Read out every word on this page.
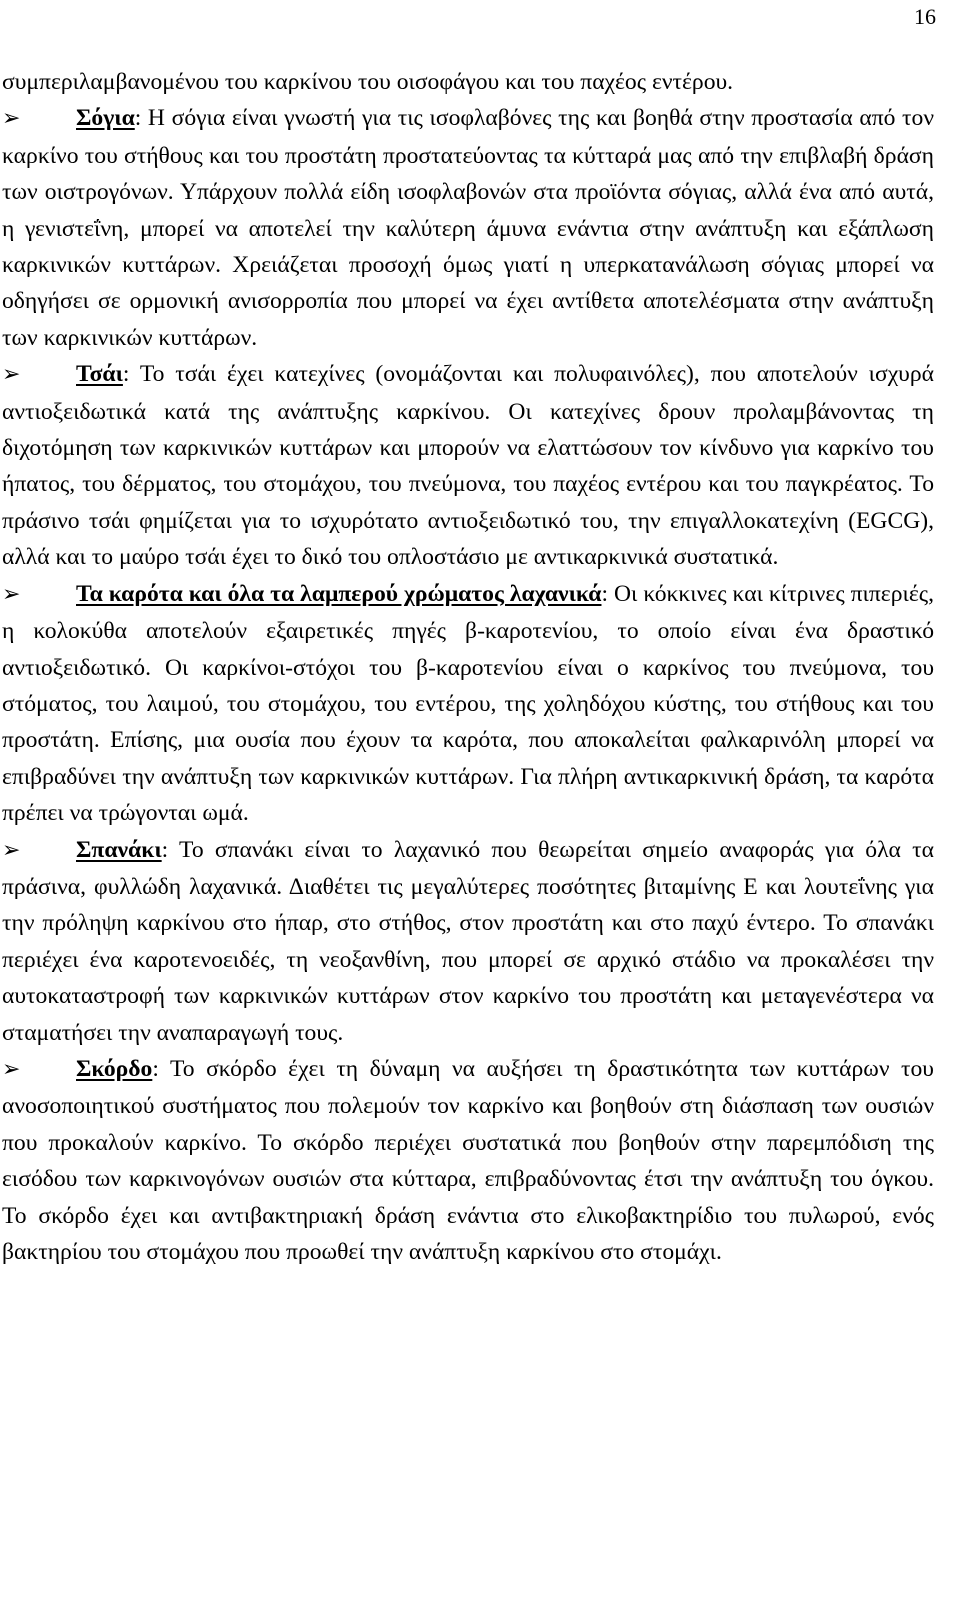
16

συμπεριλαμβανομένου του καρκίνου του οισοφάγου και του παχέος εντέρου.

➢ Σόγια: Η σόγια είναι γνωστή για τις ισοφλαβόνες της και βοηθά στην προστασία από τον καρκίνο του στήθους και του προστάτη προστατεύοντας τα κύτταρά μας από την επιβλαβή δράση των οιστρογόνων. Υπάρχουν πολλά είδη ισοφλαβονών στα προϊόντα σόγιας, αλλά ένα από αυτά, η γενιστεΐνη, μπορεί να αποτελεί την καλύτερη άμυνα ενάντια στην ανάπτυξη και εξάπλωση καρκινικών κυττάρων. Χρειάζεται προσοχή όμως γιατί η υπερκατανάλωση σόγιας μπορεί να οδηγήσει σε ορμονική ανισορροπία που μπορεί να έχει αντίθετα αποτελέσματα στην ανάπτυξη των καρκινικών κυττάρων.

➢ Τσάι: Το τσάι έχει κατεχίνες (ονομάζονται και πολυφαινόλες), που αποτελούν ισχυρά αντιοξειδωτικά κατά της ανάπτυξης καρκίνου. Οι κατεχίνες δρουν προλαμβάνοντας τη διχοτόμηση των καρκινικών κυττάρων και μπορούν να ελαττώσουν τον κίνδυνο για καρκίνο του ήπατος, του δέρματος, του στομάχου, του πνεύμονα, του παχέος εντέρου και του παγκρέατος. Το πράσινο τσάι φημίζεται για το ισχυρότατο αντιοξειδωτικό του, την επιγαλλοκατεχίνη (EGCG), αλλά και το μαύρο τσάι έχει το δικό του οπλοστάσιο με αντικαρκινικά συστατικά.

➢ Τα καρότα και όλα τα λαμπερού χρώματος λαχανικά: Οι κόκκινες και κίτρινες πιπεριές, η κολοκύθα αποτελούν εξαιρετικές πηγές β-καροτενίου, το οποίο είναι ένα δραστικό αντιοξειδωτικό. Οι καρκίνοι-στόχοι του β-καροτενίου είναι ο καρκίνος του πνεύμονα, του στόματος, του λαιμού, του στομάχου, του εντέρου, της χοληδόχου κύστης, του στήθους και του προστάτη. Επίσης, μια ουσία που έχουν τα καρότα, που αποκαλείται φαλκαρινόλη μπορεί να επιβραδύνει την ανάπτυξη των καρκινικών κυττάρων. Για πλήρη αντικαρκινική δράση, τα καρότα πρέπει να τρώγονται ωμά.

➢ Σπανάκι: Το σπανάκι είναι το λαχανικό που θεωρείται σημείο αναφοράς για όλα τα πράσινα, φυλλώδη λαχανικά. Διαθέτει τις μεγαλύτερες ποσότητες βιταμίνης Ε και λουτεΐνης για την πρόληψη καρκίνου στο ήπαρ, στο στήθος, στον προστάτη και στο παχύ έντερο. Το σπανάκι περιέχει ένα καροτενοειδές, τη νεοξανθίνη, που μπορεί σε αρχικό στάδιο να προκαλέσει την αυτοκαταστροφή των καρκινικών κυττάρων στον καρκίνο του προστάτη και μεταγενέστερα να σταματήσει την αναπαραγωγή τους.

➢ Σκόρδο: Το σκόρδο έχει τη δύναμη να αυξήσει τη δραστικότητα των κυττάρων του ανοσοποιητικού συστήματος που πολεμούν τον καρκίνο και βοηθούν στη διάσπαση των ουσιών που προκαλούν καρκίνο. Το σκόρδο περιέχει συστατικά που βοηθούν στην παρεμπόδιση της εισόδου των καρκινογόνων ουσιών στα κύτταρα, επιβραδύνοντας έτσι την ανάπτυξη του όγκου. Το σκόρδο έχει και αντιβακτηριακή δράση ενάντια στο ελικοβακτηρίδιο του πυλωρού, ενός βακτηρίου του στομάχου που προωθεί την ανάπτυξη καρκίνου στο στομάχι.
